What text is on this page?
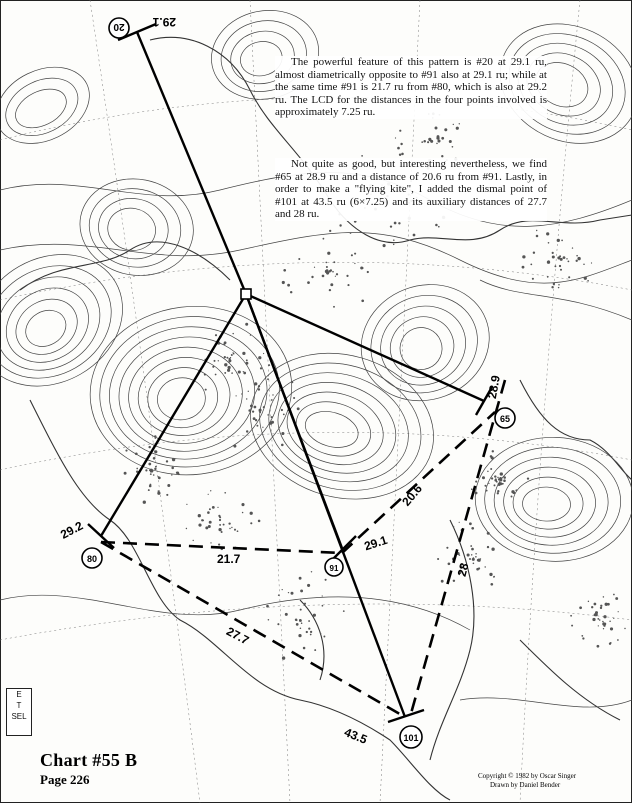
20
80
91
65
101
29.1
29.2
29.1
28.9
43.5
21.7
20.6
27.7
28

The powerful feature of this pattern is #20 at 29.1 ru, almost diametrically opposite to #91 also at 29.1 ru; while at the same time #91 is 21.7 ru from #80, which is also at 29.2 ru. The LCD for the distances in the four points involved is approximately 7.25 ru.

Not quite as good, but interesting nevertheless, we find #65 at 28.9 ru and a distance of 20.6 ru from #91. Lastly, in order to make a "flying kite", I added the dismal point of #101 at 43.5 ru (6×7.25) and its auxiliary distances of 27.7 and 28 ru.

E
T
SEL
Chart #55 B
Page 226	Copyright © 1982 by Oscar Singer
Drawn by Daniel Bender
